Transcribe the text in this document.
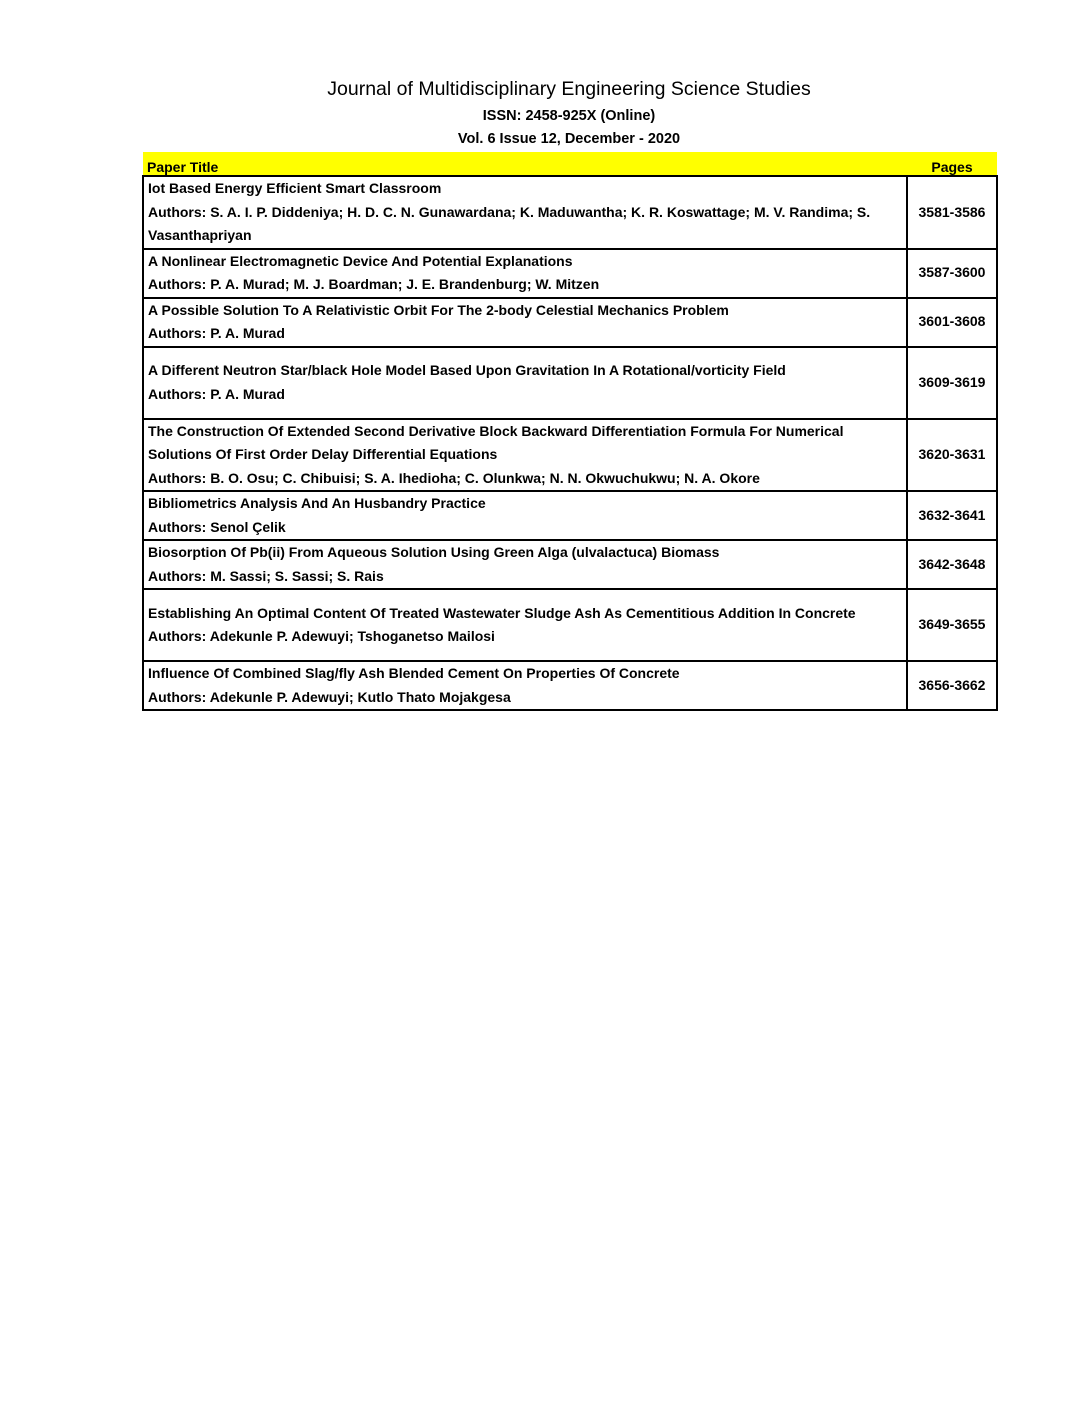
Journal of Multidisciplinary Engineering Science Studies
ISSN: 2458-925X (Online)
Vol. 6 Issue 12, December - 2020
Paper Title	Pages

Iot Based Energy Efficient Smart Classroom
Authors: S. A. I. P. Diddeniya; H. D. C. N. Gunawardana; K. Maduwantha; K. R. Koswattage; M. V. Randima; S. Vasanthapriyan	3581-3586

A Nonlinear Electromagnetic Device And Potential Explanations
Authors: P. A. Murad; M. J. Boardman; J. E. Brandenburg; W. Mitzen	3587-3600

A Possible Solution To A Relativistic Orbit For The 2-body Celestial Mechanics Problem
Authors: P. A. Murad	3601-3608

A Different Neutron Star/black Hole Model Based Upon Gravitation In A Rotational/vorticity Field
Authors: P. A. Murad	3609-3619

The Construction Of Extended Second Derivative Block Backward Differentiation Formula For Numerical Solutions Of First Order Delay Differential Equations
Authors: B. O. Osu; C. Chibuisi; S. A. Ihedioha; C. Olunkwa; N. N. Okwuchukwu; N. A. Okore	3620-3631

Bibliometrics Analysis And An Husbandry Practice
Authors: Senol Çelik	3632-3641

Biosorption Of Pb(ii) From Aqueous Solution Using Green Alga (ulvalactuca) Biomass
Authors: M. Sassi; S. Sassi; S. Rais	3642-3648

Establishing An Optimal Content Of Treated Wastewater Sludge Ash As Cementitious Addition In Concrete
Authors: Adekunle P. Adewuyi; Tshoganetso Mailosi	3649-3655

Influence Of Combined Slag/fly Ash Blended Cement On Properties Of Concrete
Authors: Adekunle P. Adewuyi; Kutlo Thato Mojakgesa	3656-3662
